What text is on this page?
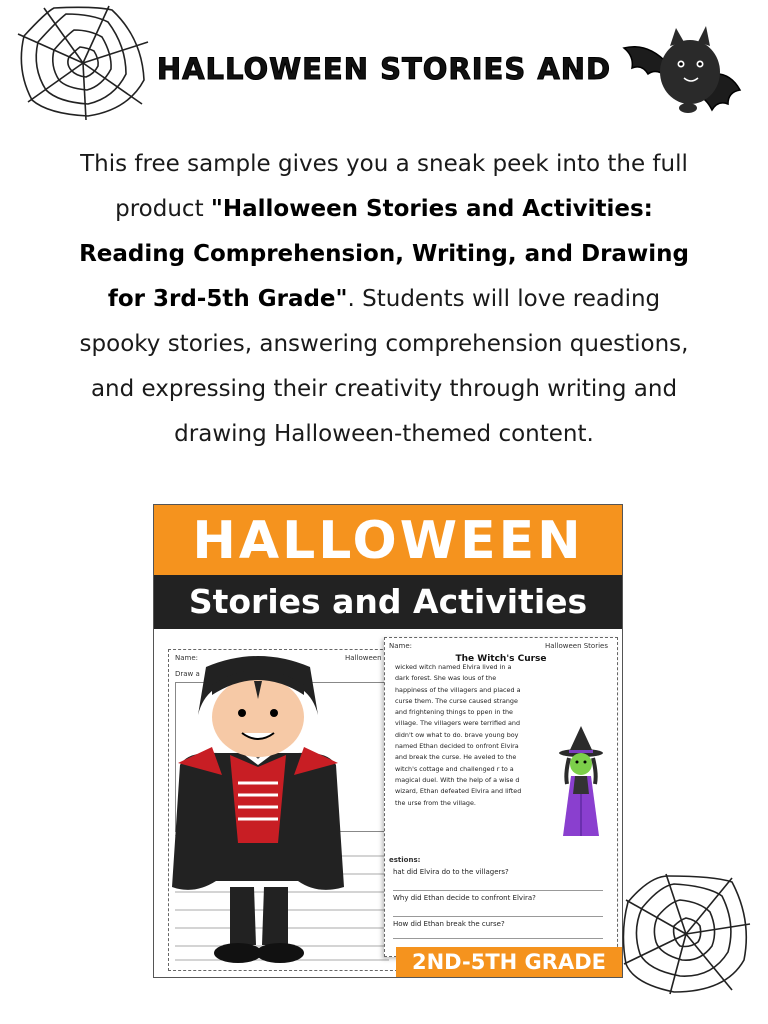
HALLOWEEN STORIES AND
This free sample gives you a sneak peek into the full product "Halloween Stories and Activities: Reading Comprehension, Writing, and Drawing for 3rd-5th Grade". Students will love reading spooky stories, answering comprehension questions, and expressing their creativity through writing and drawing Halloween-themed content.
HALLOWEEN
Stories and Activities
Name:	Halloween
Draw a
Name:	Halloween Stories
The Witch's Curse
wicked witch named Elvira lived in a dark forest. She was lous of the happiness of the villagers and placed a curse them. The curse caused strange and frightening things to ppen in the village. The villagers were terrified and didn't ow what to do. brave young boy named Ethan decided to onfront Elvira and break the curse. He aveled to the witch's cottage and challenged r to a magical duel. With the help of a wise d wizard, Ethan defeated Elvira and lifted the urse from the village.
estions:
hat did Elvira do to the villagers?
Why did Ethan decide to confront Elvira?
How did Ethan break the curse?
2ND-5TH GRADE
